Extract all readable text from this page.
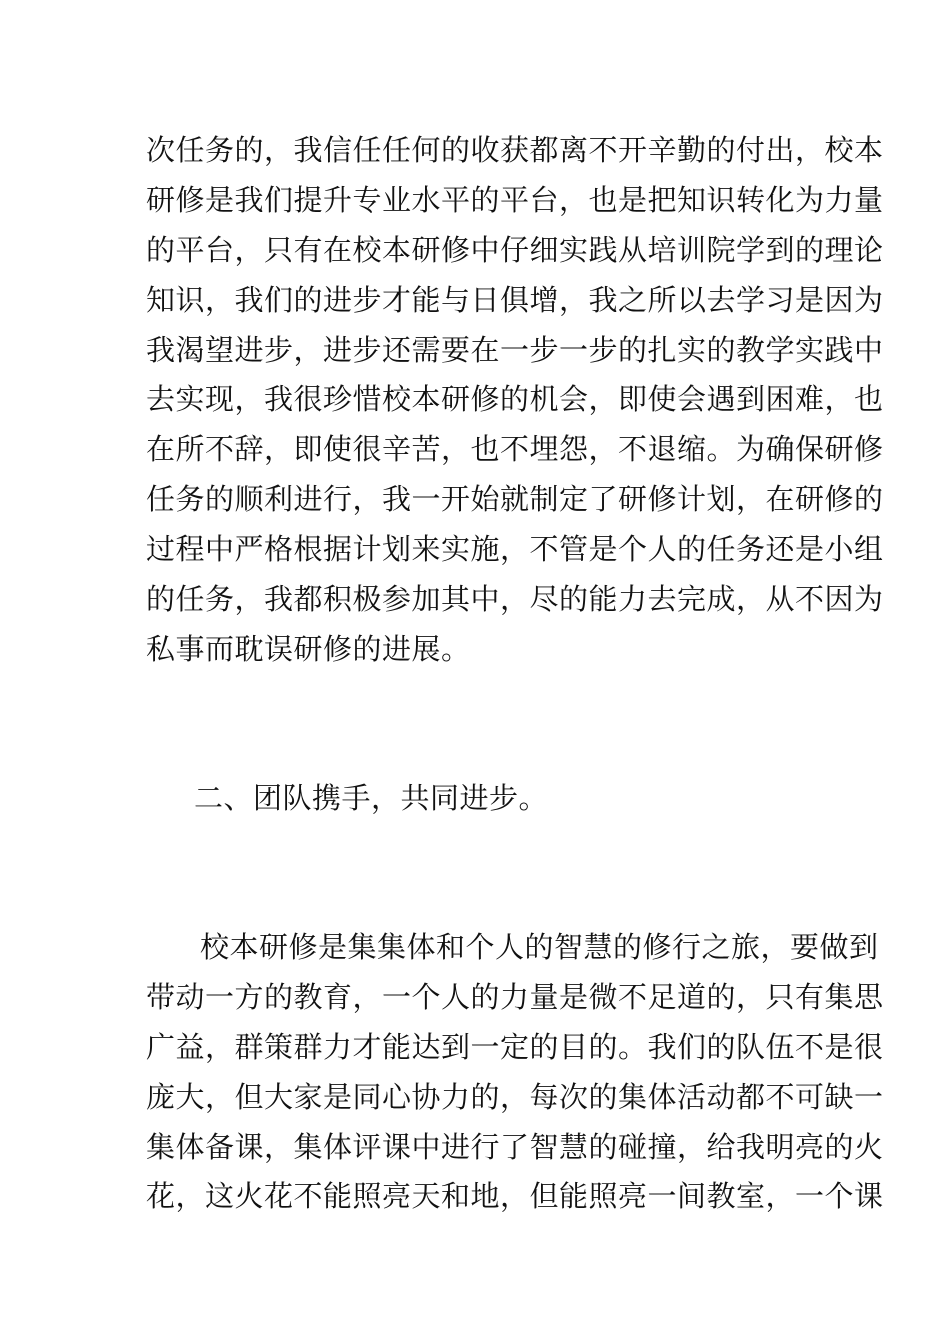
次任务的，我信任任何的收获都离不开辛勤的付出，校本
研修是我们提升专业水平的平台，也是把知识转化为力量
的平台，只有在校本研修中仔细实践从培训院学到的理论
知识，我们的进步才能与日俱增，我之所以去学习是因为
我渴望进步，进步还需要在一步一步的扎实的教学实践中
去实现，我很珍惜校本研修的机会，即使会遇到困难，也
在所不辞，即使很辛苦，也不埋怨，不退缩。为确保研修
任务的顺利进行，我一开始就制定了研修计划，在研修的
过程中严格根据计划来实施，不管是个人的任务还是小组
的任务，我都积极参加其中，尽的能力去完成，从不因为
私事而耽误研修的进展。
二、团队携手，共同进步。
校本研修是集集体和个人的智慧的修行之旅，要做到
带动一方的教育，一个人的力量是微不足道的，只有集思
广益，群策群力才能达到一定的目的。我们的队伍不是很
庞大，但大家是同心协力的，每次的集体活动都不可缺一
集体备课，集体评课中进行了智慧的碰撞，给我明亮的火
花，这火花不能照亮天和地，但能照亮一间教室，一个课
